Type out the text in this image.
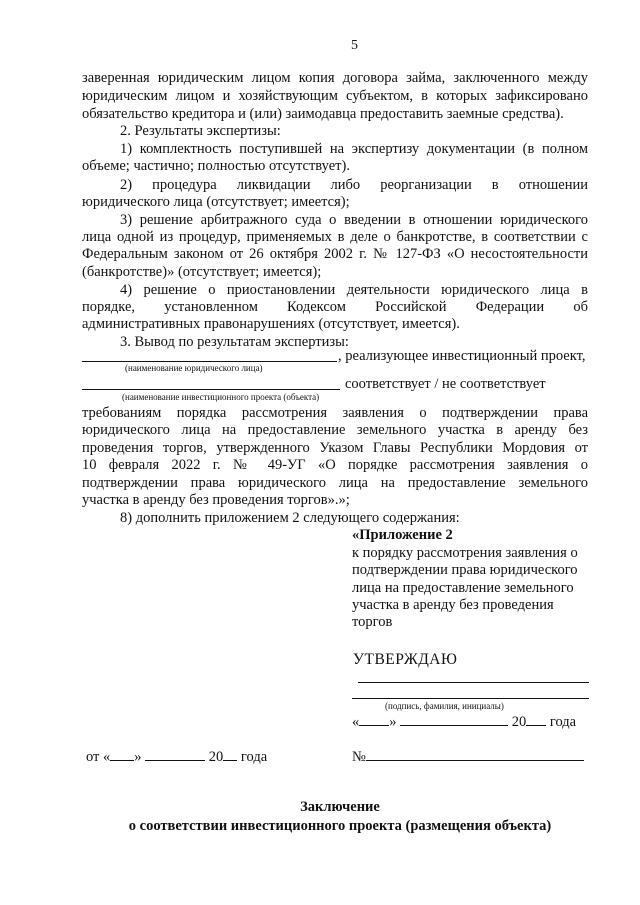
5
заверенная юридическим лицом копия договора займа, заключенного между
юридическим лицом и хозяйствующим субъектом, в которых зафиксировано
обязательство кредитора и (или) заимодавца предоставить заемные средства).
2. Результаты экспертизы:
1) комплектность поступившей на экспертизу документации (в полном
объеме; частично; полностью отсутствует).
2) процедура ликвидации либо реорганизации в отношении
юридического лица (отсутствует; имеется);
3) решение арбитражного суда о введении в отношении юридического
лица одной из процедур, применяемых в деле о банкротстве, в соответствии с
Федеральным законом от 26 октября 2002 г. № 127-ФЗ «О несостоятельности
(банкротстве)» (отсутствует; имеется);
4) решение о приостановлении деятельности юридического лица в
порядке, установленном Кодексом Российской Федерации об
административных правонарушениях (отсутствует, имеется).
3. Вывод по результатам экспертизы:
, реализующее инвестиционный проект,
(наименование юридического лица)
соответствует / не соответствует
(наименование инвестиционного проекта (объекта)
требованиям порядка рассмотрения заявления о подтверждении права
юридического лица на предоставление земельного участка в аренду без
проведения торгов, утвержденного Указом Главы Республики Мордовия от
10 февраля 2022 г. № 49-УГ «О порядке рассмотрения заявления о
подтверждении права юридического лица на предоставление земельного
участка в аренду без проведения торгов».»;
8) дополнить приложением 2 следующего содержания:
«Приложение 2
к порядку рассмотрения заявления о
подтверждении права юридического
лица на предоставление земельного
участка в аренду без проведения
торгов
УТВЕРЖДАЮ
(подпись, фамилия, инициалы)
« »	20 года
от « »	20 года	№
Заключение
о соответствии инвестиционного проекта (размещения объекта)
